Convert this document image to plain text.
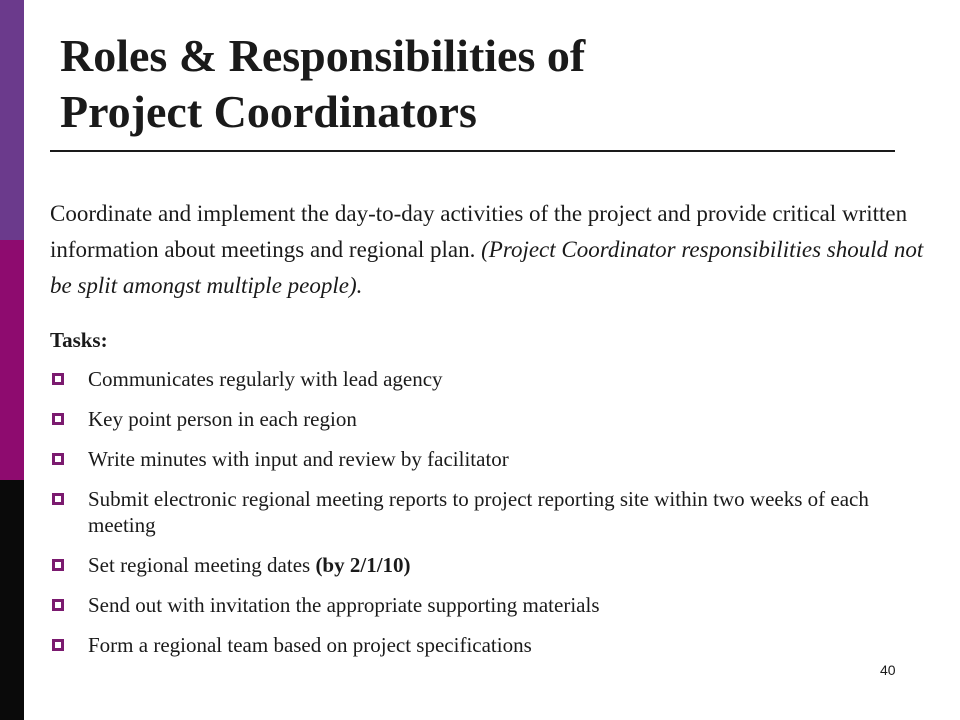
Roles & Responsibilities of
Project Coordinators

Coordinate and implement the day-to-day activities of the project and provide critical written information about meetings and regional plan. (Project Coordinator responsibilities should not be split amongst multiple people).

Tasks:

Communicates regularly with lead agency
Key point person in each region
Write minutes with input and review by facilitator
Submit electronic regional meeting reports to project reporting site within two weeks of each meeting
Set regional meeting dates (by 2/1/10)
Send out with invitation the appropriate supporting materials
Form a regional team based on project specifications
40
